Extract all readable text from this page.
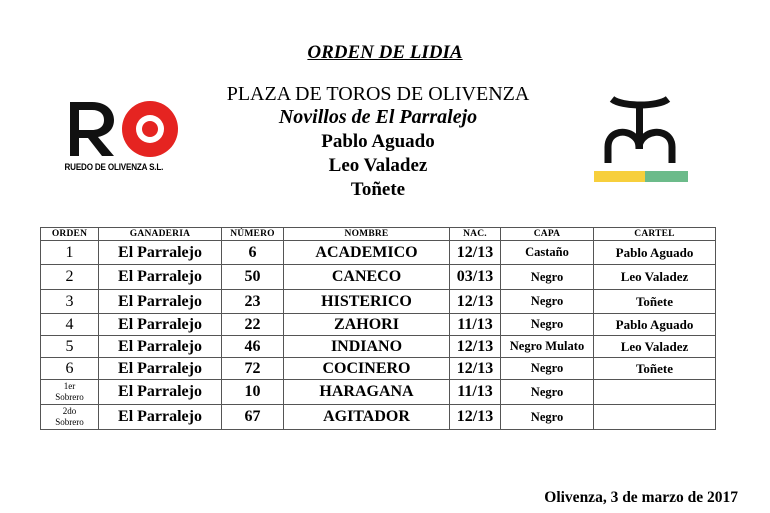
ORDEN DE LIDIA
PLAZA DE TOROS DE OLIVENZA
Novillos de El Parralejo
Pablo Aguado
Leo Valadez
Toñete
RUEDO DE OLIVENZA S.L.
ORDEN	GANADERIA	NÚMERO	NOMBRE	NAC.	CAPA	CARTEL
1	El Parralejo	6	ACADEMICO	12/13	Castaño	Pablo Aguado
2	El Parralejo	50	CANECO	03/13	Negro	Leo Valadez
3	El Parralejo	23	HISTERICO	12/13	Negro	Toñete
4	El Parralejo	22	ZAHORI	11/13	Negro	Pablo Aguado
5	El Parralejo	46	INDIANO	12/13	Negro Mulato	Leo Valadez
6	El Parralejo	72	COCINERO	12/13	Negro	Toñete
1er
Sobrero	El Parralejo	10	HARAGANA	11/13	Negro	
2do
Sobrero	El Parralejo	67	AGITADOR	12/13	Negro	
Olivenza, 3 de marzo de 2017
